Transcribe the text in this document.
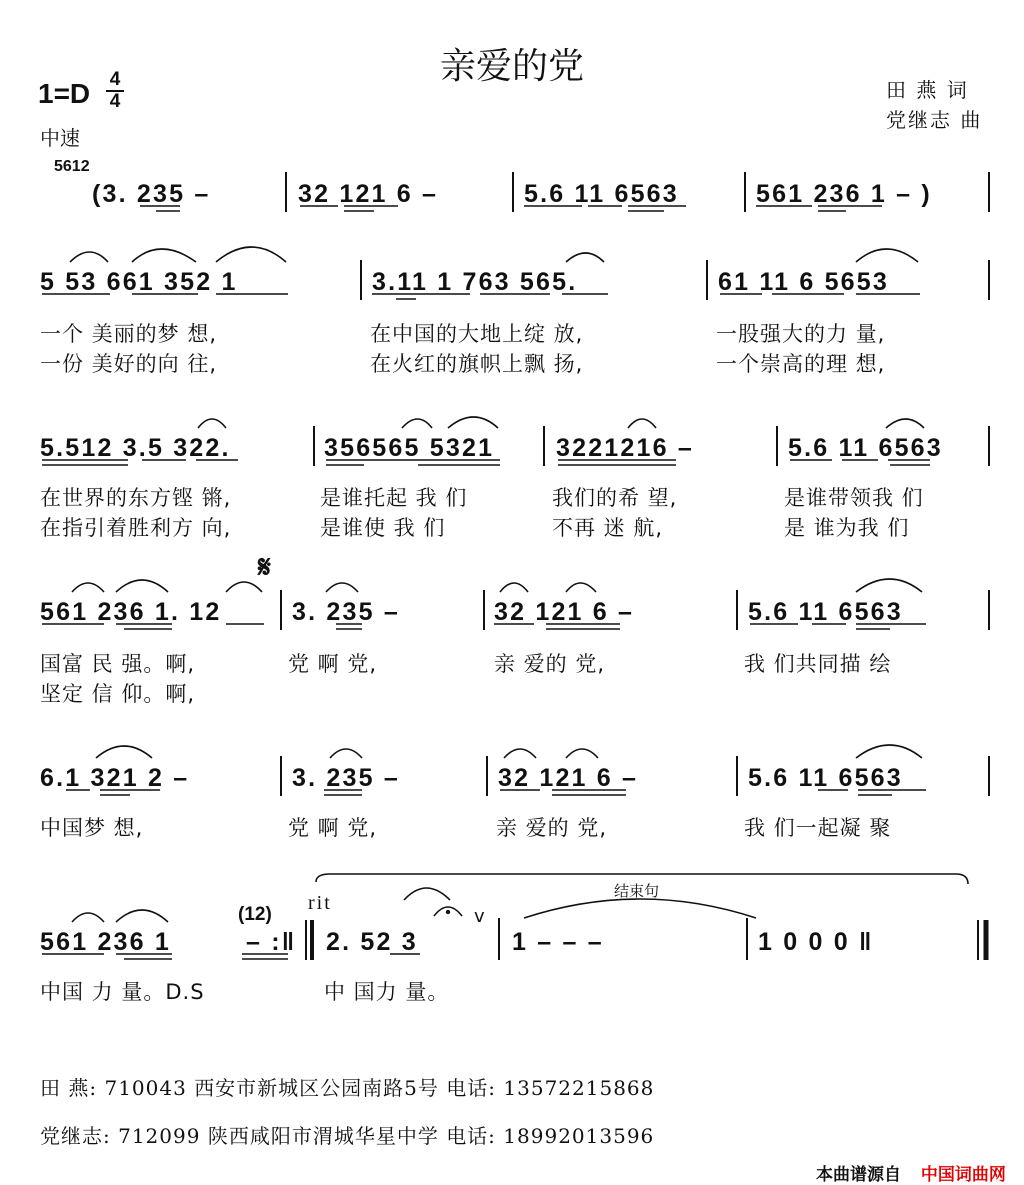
亲爱的党
田 燕 词
党继志 曲
1=D 4
4
中速
5612
(3. 235 –	32 121 6 –	5.6 11 6563	561 236 1 – )
5 53 661 352 1	3.11 1 763 565.	61 11 6 5653
一个 美丽的梦 想,	在中国的大地上绽 放,	一股强大的力 量,
一份 美好的向 往,	在火红的旗帜上飘 扬,	一个崇高的理 想,
5.512 3.5 322.	356565 5321 3221216 –	5.6 11 6563
在世界的东方铿 锵,	是谁托起 我 们	我们的希 望,	是谁带领我 们
在指引着胜利方 向,	是谁使 我 们	不再 迷 航,	是 谁为我 们
𝄋
561 236 1. 12	3. 235 –	32 121 6 –	5.6 11 6563
国富 民 强。啊,	党 啊 党,	亲 爱的 党,	我 们共同描 绘
坚定 信 仰。啊,
6.1 321 2 –	3. 235 –	32 121 6 –	5.6 11 6563
中国梦 想,	党 啊 党,	亲 爱的 党,	我 们一起凝 聚
(12)
rit
结束句
v
561 236 1	– :‖ 2. 52 3	1 – – –	1 0 0 0 ‖
中国 力 量。D.S	中 国力 量。
田 燕: 710043 西安市新城区公园南路5号 电话: 13572215868
党继志: 712099 陕西咸阳市渭城华星中学 电话: 18992013596
本曲谱源自 中国词曲网
